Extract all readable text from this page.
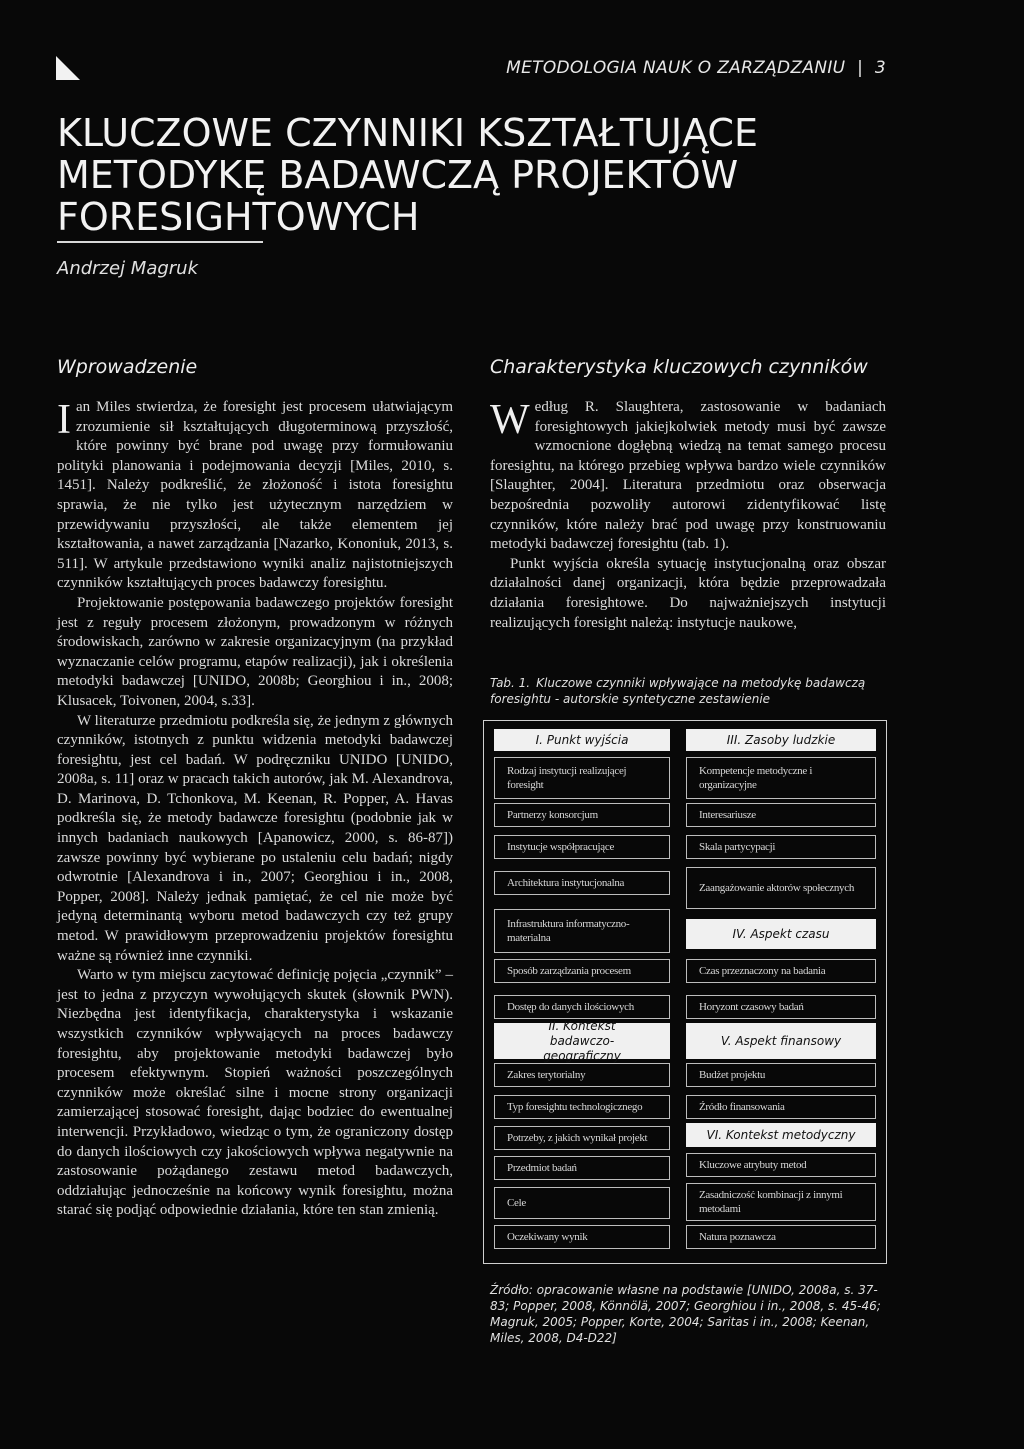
METODOLOGIA NAUK O ZARZĄDZANIU | 3
KLUCZOWE CZYNNIKI KSZTAŁTUJĄCE
METODYKĘ BADAWCZĄ PROJEKTÓW
FORESIGHTOWYCH
Andrzej Magruk
Wprowadzenie

Ian Miles stwierdza, że foresight jest procesem ułatwiającym zrozumienie sił kształtujących długoterminową przyszłość, które powinny być brane pod uwagę przy formułowaniu polityki planowania i podejmowania decyzji [Miles, 2010, s. 1451]. Należy podkreślić, że złożoność i istota foresightu sprawia, że nie tylko jest użytecznym narzędziem w przewidywaniu przyszłości, ale także elementem jej kształtowania, a nawet zarządzania [Nazarko, Kononiuk, 2013, s. 511]. W artykule przedstawiono wyniki analiz najistotniejszych czynników kształtujących proces badawczy foresightu.

Projektowanie postępowania badawczego projektów foresight jest z reguły procesem złożonym, prowadzonym w różnych środowiskach, zarówno w zakresie organizacyjnym (na przykład wyznaczanie celów programu, etapów realizacji), jak i określenia metodyki badawczej [UNIDO, 2008b; Georghiou i in., 2008; Klusacek, Toivonen, 2004, s.33].

W literaturze przedmiotu podkreśla się, że jednym z głównych czynników, istotnych z punktu widzenia metodyki badawczej foresightu, jest cel badań. W podręczniku UNIDO [UNIDO, 2008a, s. 11] oraz w pracach takich autorów, jak M. Alexandrova, D. Marinova, D. Tchonkova, M. Keenan, R. Popper, A. Havas podkreśla się, że metody badawcze foresightu (podobnie jak w innych badaniach naukowych [Apanowicz, 2000, s. 86-87]) zawsze powinny być wybierane po ustaleniu celu badań; nigdy odwrotnie [Alexandrova i in., 2007; Georghiou i in., 2008, Popper, 2008]. Należy jednak pamiętać, że cel nie może być jedyną determinantą wyboru metod badawczych czy też grupy metod. W prawidłowym przeprowadzeniu projektów foresightu ważne są również inne czynniki.

Warto w tym miejscu zacytować definicję pojęcia „czynnik” – jest to jedna z przyczyn wywołujących skutek (słownik PWN). Niezbędna jest identyfikacja, charakterystyka i wskazanie wszystkich czynników wpływających na proces badawczy foresightu, aby projektowanie metodyki badawczej było procesem efektywnym. Stopień ważności poszczególnych czynników może określać silne i mocne strony organizacji zamierzającej stosować foresight, dając bodziec do ewentualnej interwencji. Przykładowo, wiedząc o tym, że ograniczony dostęp do danych ilościowych czy jakościowych wpływa negatywnie na zastosowanie pożądanego zestawu metod badawczych, oddziałując jednocześnie na końcowy wynik foresightu, można starać się podjąć odpowiednie działania, które ten stan zmienią.

Charakterystyka kluczowych czynników

Według R. Slaughtera, zastosowanie w badaniach foresightowych jakiejkolwiek metody musi być zawsze wzmocnione dogłębną wiedzą na temat samego procesu foresightu, na którego przebieg wpływa bardzo wiele czynników [Slaughter, 2004]. Literatura przedmiotu oraz obserwacja bezpośrednia pozwoliły autorowi zidentyfikować listę czynników, które należy brać pod uwagę przy konstruowaniu metodyki badawczej foresightu (tab. 1).

Punkt wyjścia określa sytuację instytucjonalną oraz obszar działalności danej organizacji, która będzie przeprowadzała działania foresightowe. Do najważniejszych instytucji realizujących foresight należą: instytucje naukowe,

Tab. 1. Kluczowe czynniki wpływające na metodykę badawczą foresightu - autorskie syntetyczne zestawienie
I. Punkt wyjścia
Rodzaj instytucji realizującej foresight
Partnerzy konsorcjum
Instytucje współpracujące
Architektura instytucjonalna
Infrastruktura informatyczno-materialna
Sposób zarządzania procesem
Dostęp do danych ilościowych
II. Kontekst badawczo-geograficzny
Zakres terytorialny
Typ foresightu technologicznego
Potrzeby, z jakich wynikał projekt
Przedmiot badań
Cele
Oczekiwany wynik
III. Zasoby ludzkie
Kompetencje metodyczne i organizacyjne
Interesariusze
Skala partycypacji
Zaangażowanie aktorów społecznych
IV. Aspekt czasu
Czas przeznaczony na badania
Horyzont czasowy badań
V. Aspekt finansowy
Budżet projektu
Źródło finansowania
VI. Kontekst metodyczny
Kluczowe atrybuty metod
Zasadniczość kombinacji z innymi metodami
Natura poznawcza
Źródło: opracowanie własne na podstawie [UNIDO, 2008a, s. 37-83; Popper, 2008, Könnölä, 2007; Georghiou i in., 2008, s. 45-46; Magruk, 2005; Popper, Korte, 2004; Saritas i in., 2008; Keenan, Miles, 2008, D4-D22]
